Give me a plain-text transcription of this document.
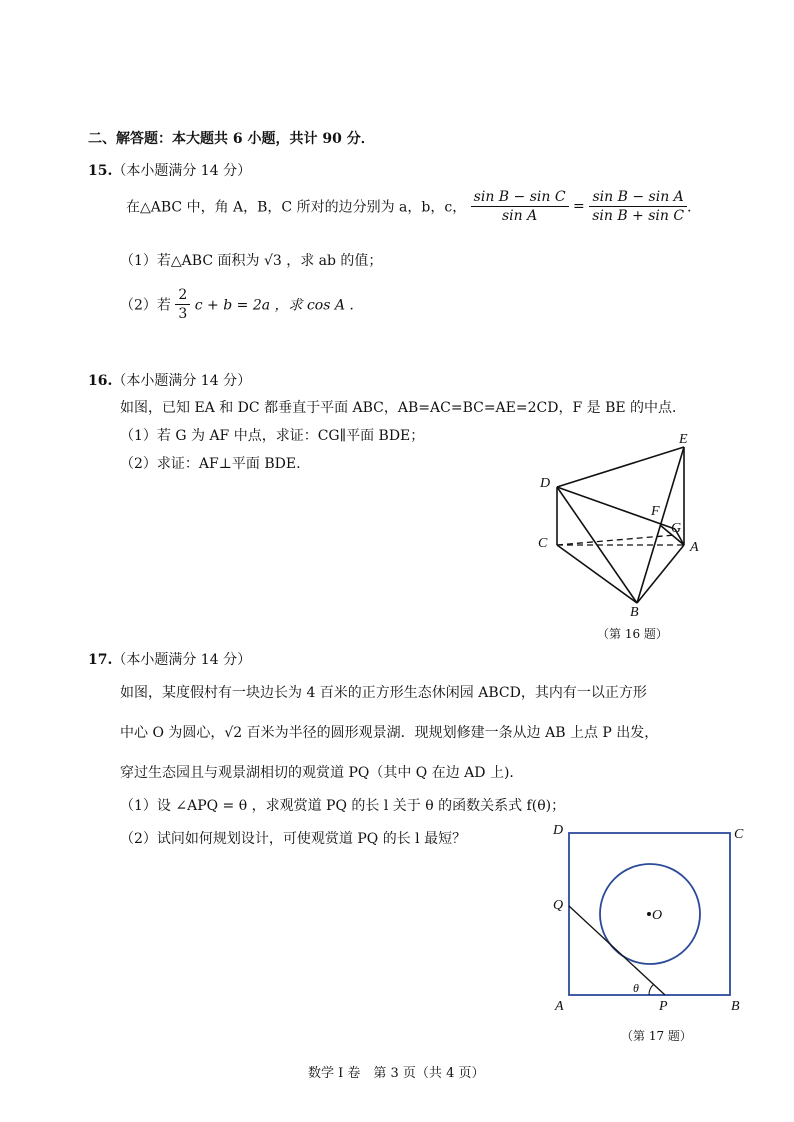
二、解答题：本大题共 6 小题，共计 90 分．
15.（本小题满分 14 分）
在△ABC 中，角 A，B，C 所对的边分别为 a，b，c， $\frac{\text{sin B − sin C}}{\text{sin A}} = \frac{\text{sin B − sin A}}{\text{sin B + sin C}}$ ．
（1）若△ABC 面积为 √3 ，求 ab 的值；
（2）若 $\frac{2}{3}$ c + b = 2a ，求 cos A .
16.（本小题满分 14 分）
如图，已知 EA 和 DC 都垂直于平面 ABC，AB=AC=BC=AE=2CD，F 是 BE 的中点．
（1）若 G 为 AF 中点，求证：CG∥平面 BDE；
（2）求证：AF⊥平面 BDE.
E
D
F
G
C	A
B
（第 16 题）
17.（本小题满分 14 分）
如图，某度假村有一块边长为 4 百米的正方形生态休闲园 ABCD，其内有一以正方形
中心 O 为圆心，√2 百米为半径的圆形观景湖．现规划修建一条从边 AB 上点 P 出发，
穿过生态园且与观景湖相切的观赏道 PQ（其中 Q 在边 AD 上)．
（1）设 ∠APQ = θ ，求观赏道 PQ 的长 l 关于 θ 的函数关系式 f(θ)；
（2）试问如何规划设计，可使观赏道 PQ 的长 l 最短？
D	C
Q
O
θ
A	P	B
（第 17 题）
数学 Ⅰ 卷　第 3 页（共 4 页）
